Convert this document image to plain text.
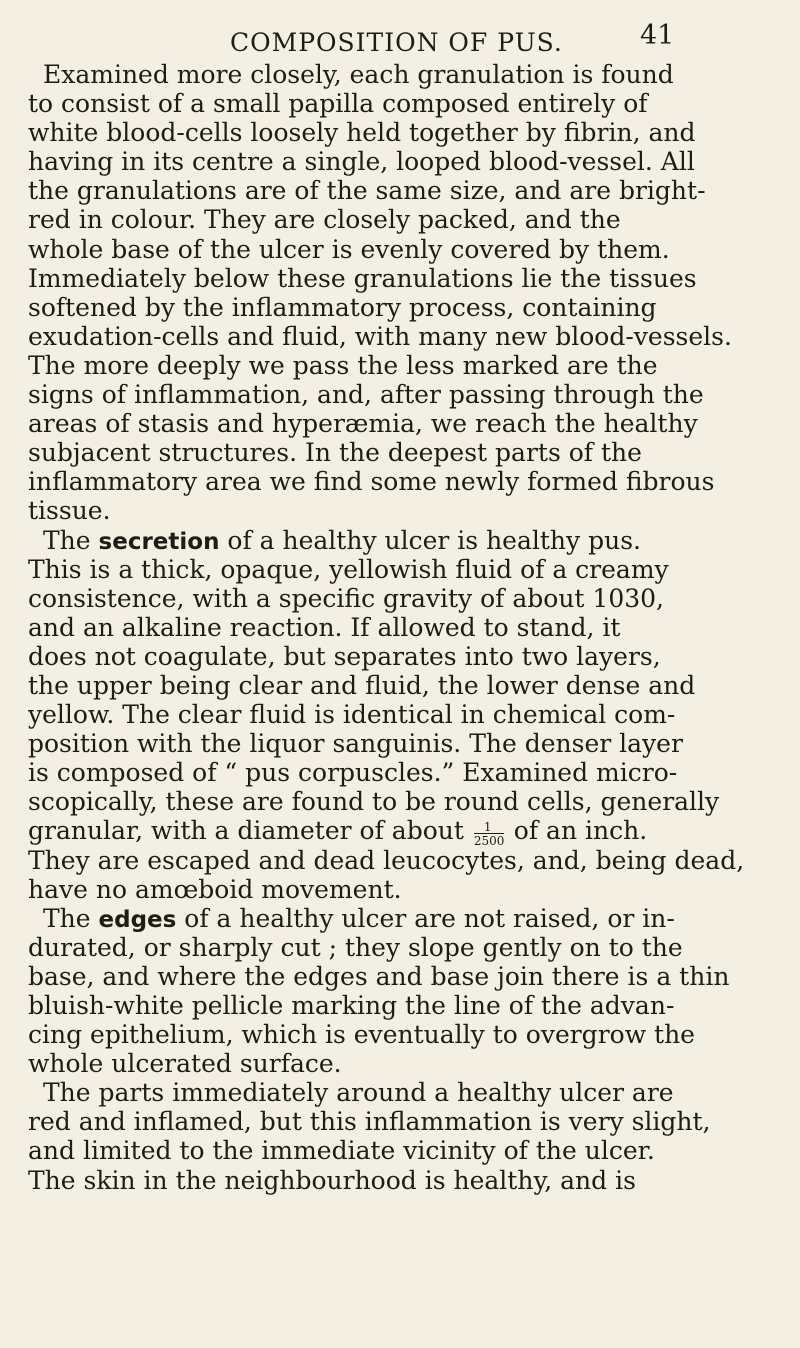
COMPOSITION OF PUS.	41
Examined more closely, each granulation is found
to consist of a small papilla composed entirely of
white blood-cells loosely held together by fibrin, and
having in its centre a single, looped blood-vessel. All
the granulations are of the same size, and are bright-
red in colour. They are closely packed, and the
whole base of the ulcer is evenly covered by them.
Immediately below these granulations lie the tissues
softened by the inflammatory process, containing
exudation-cells and fluid, with many new blood-vessels.
The more deeply we pass the less marked are the
signs of inflammation, and, after passing through the
areas of stasis and hyperæmia, we reach the healthy
subjacent structures. In the deepest parts of the
inflammatory area we find some newly formed fibrous
tissue.
The secretion of a healthy ulcer is healthy pus.
This is a thick, opaque, yellowish fluid of a creamy
consistence, with a specific gravity of about 1030,
and an alkaline reaction. If allowed to stand, it
does not coagulate, but separates into two layers,
the upper being clear and fluid, the lower dense and
yellow. The clear fluid is identical in chemical com-
position with the liquor sanguinis. The denser layer
is composed of “ pus corpuscles.” Examined micro-
scopically, these are found to be round cells, generally
granular, with a diameter of about $\frac{1}{2500}$ of an inch.
They are escaped and dead leucocytes, and, being dead,
have no amœboid movement.
The edges of a healthy ulcer are not raised, or in-
durated, or sharply cut ; they slope gently on to the
base, and where the edges and base join there is a thin
bluish-white pellicle marking the line of the advan-
cing epithelium, which is eventually to overgrow the
whole ulcerated surface.
The parts immediately around a healthy ulcer are
red and inflamed, but this inflammation is very slight,
and limited to the immediate vicinity of the ulcer.
The skin in the neighbourhood is healthy, and is
